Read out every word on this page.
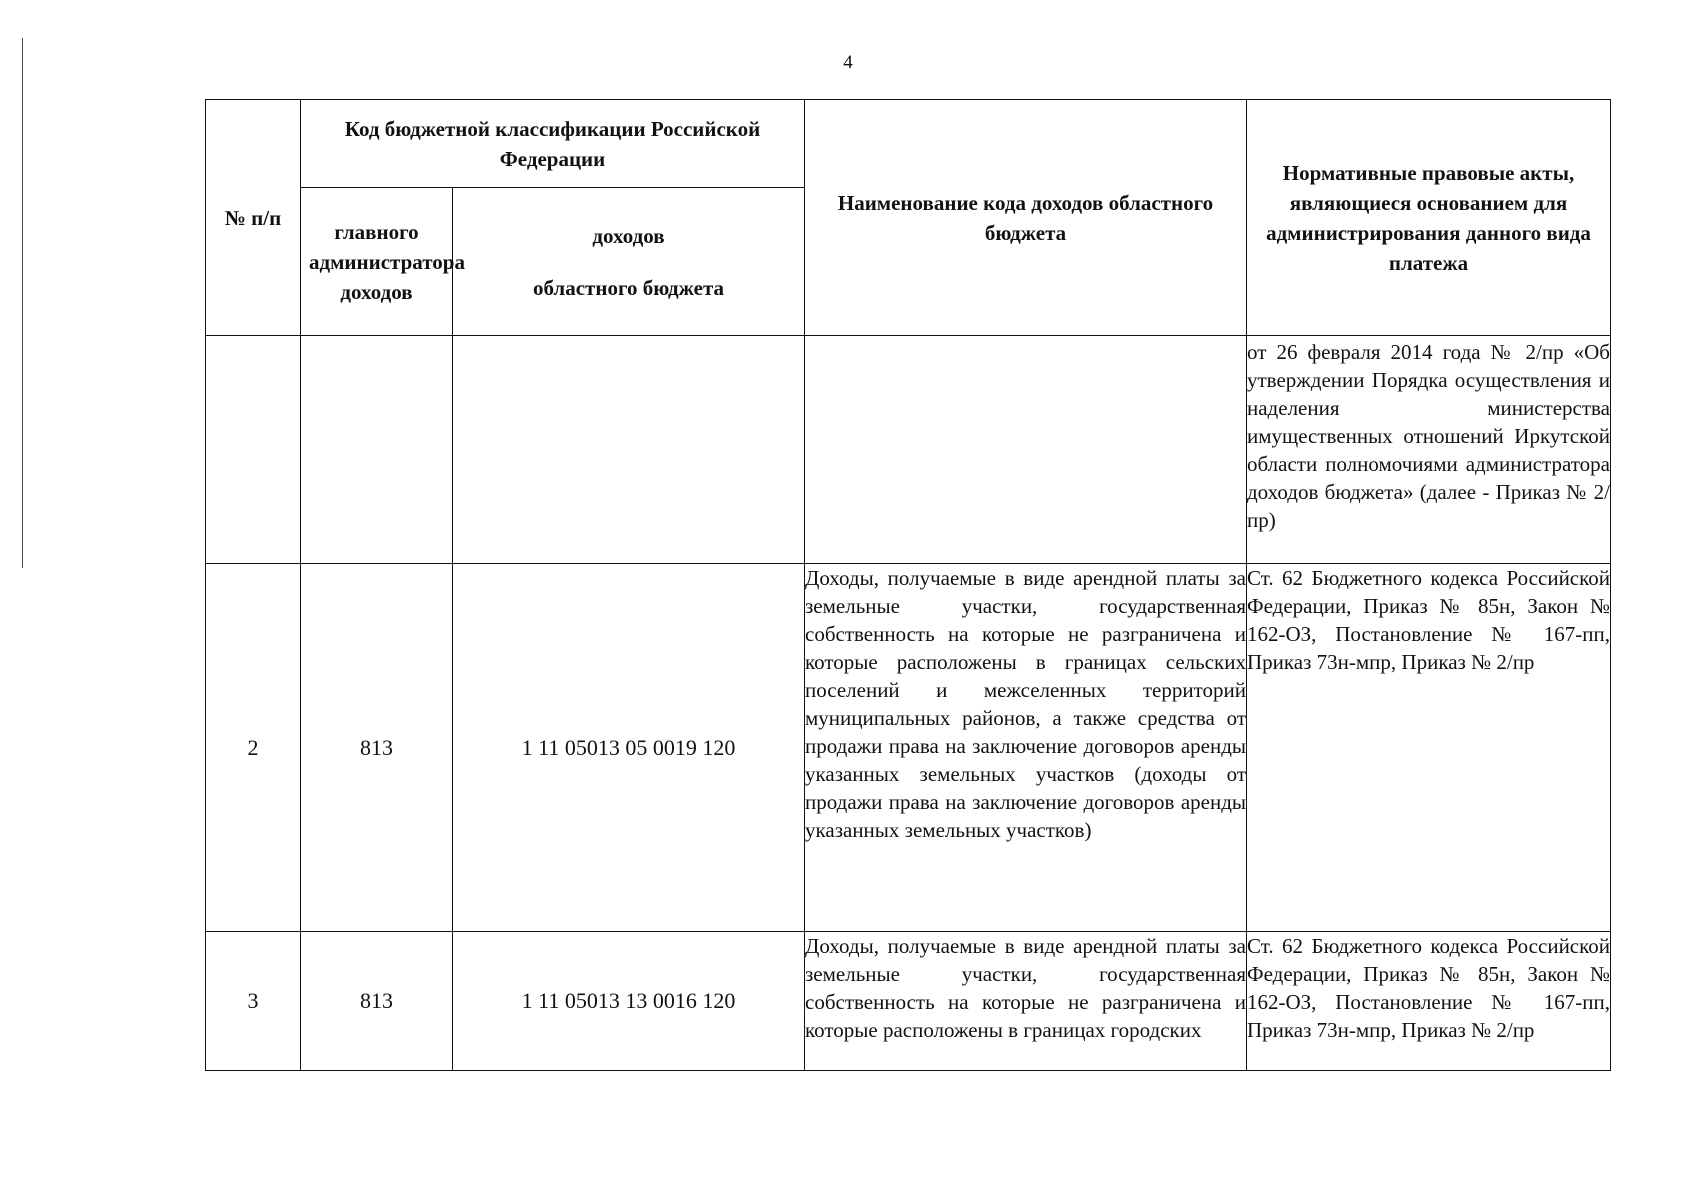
4
№ п/п	Код бюджетной классификации Российской Федерации		Наименование кода доходов областного бюджета	Нормативные правовые акты, являющиеся основанием для администрирования данного вида платежа
	главного администратора доходов	доходов
областного бюджета		

				от 26 февраля 2014 года № 2/пр «Об утверждении Порядка осуществления и наделения министерства имущественных отношений Иркутской области полномочиями администратора доходов бюджета» (далее - Приказ № 2/пр)
2	813	1 11 05013 05 0019 120	Доходы, получаемые в виде арендной платы за земельные участки, государственная собственность на которые не разграничена и которые расположены в границах сельских поселений и межселенных территорий муниципальных районов, а также средства от продажи права на заключение договоров аренды указанных земельных участков (доходы от продажи права на заключение договоров аренды указанных земельных участков)	Ст. 62 Бюджетного кодекса Российской Федерации, Приказ № 85н, Закон № 162-ОЗ, Постановление № 167-пп, Приказ 73н-мпр, Приказ № 2/пр
3	813	1 11 05013 13 0016 120	Доходы, получаемые в виде арендной платы за земельные участки, государственная собственность на которые не разграничена и которые расположены в границах городских	Ст. 62 Бюджетного кодекса Российской Федерации, Приказ № 85н, Закон № 162-ОЗ, Постановление № 167-пп, Приказ 73н-мпр, Приказ № 2/пр
